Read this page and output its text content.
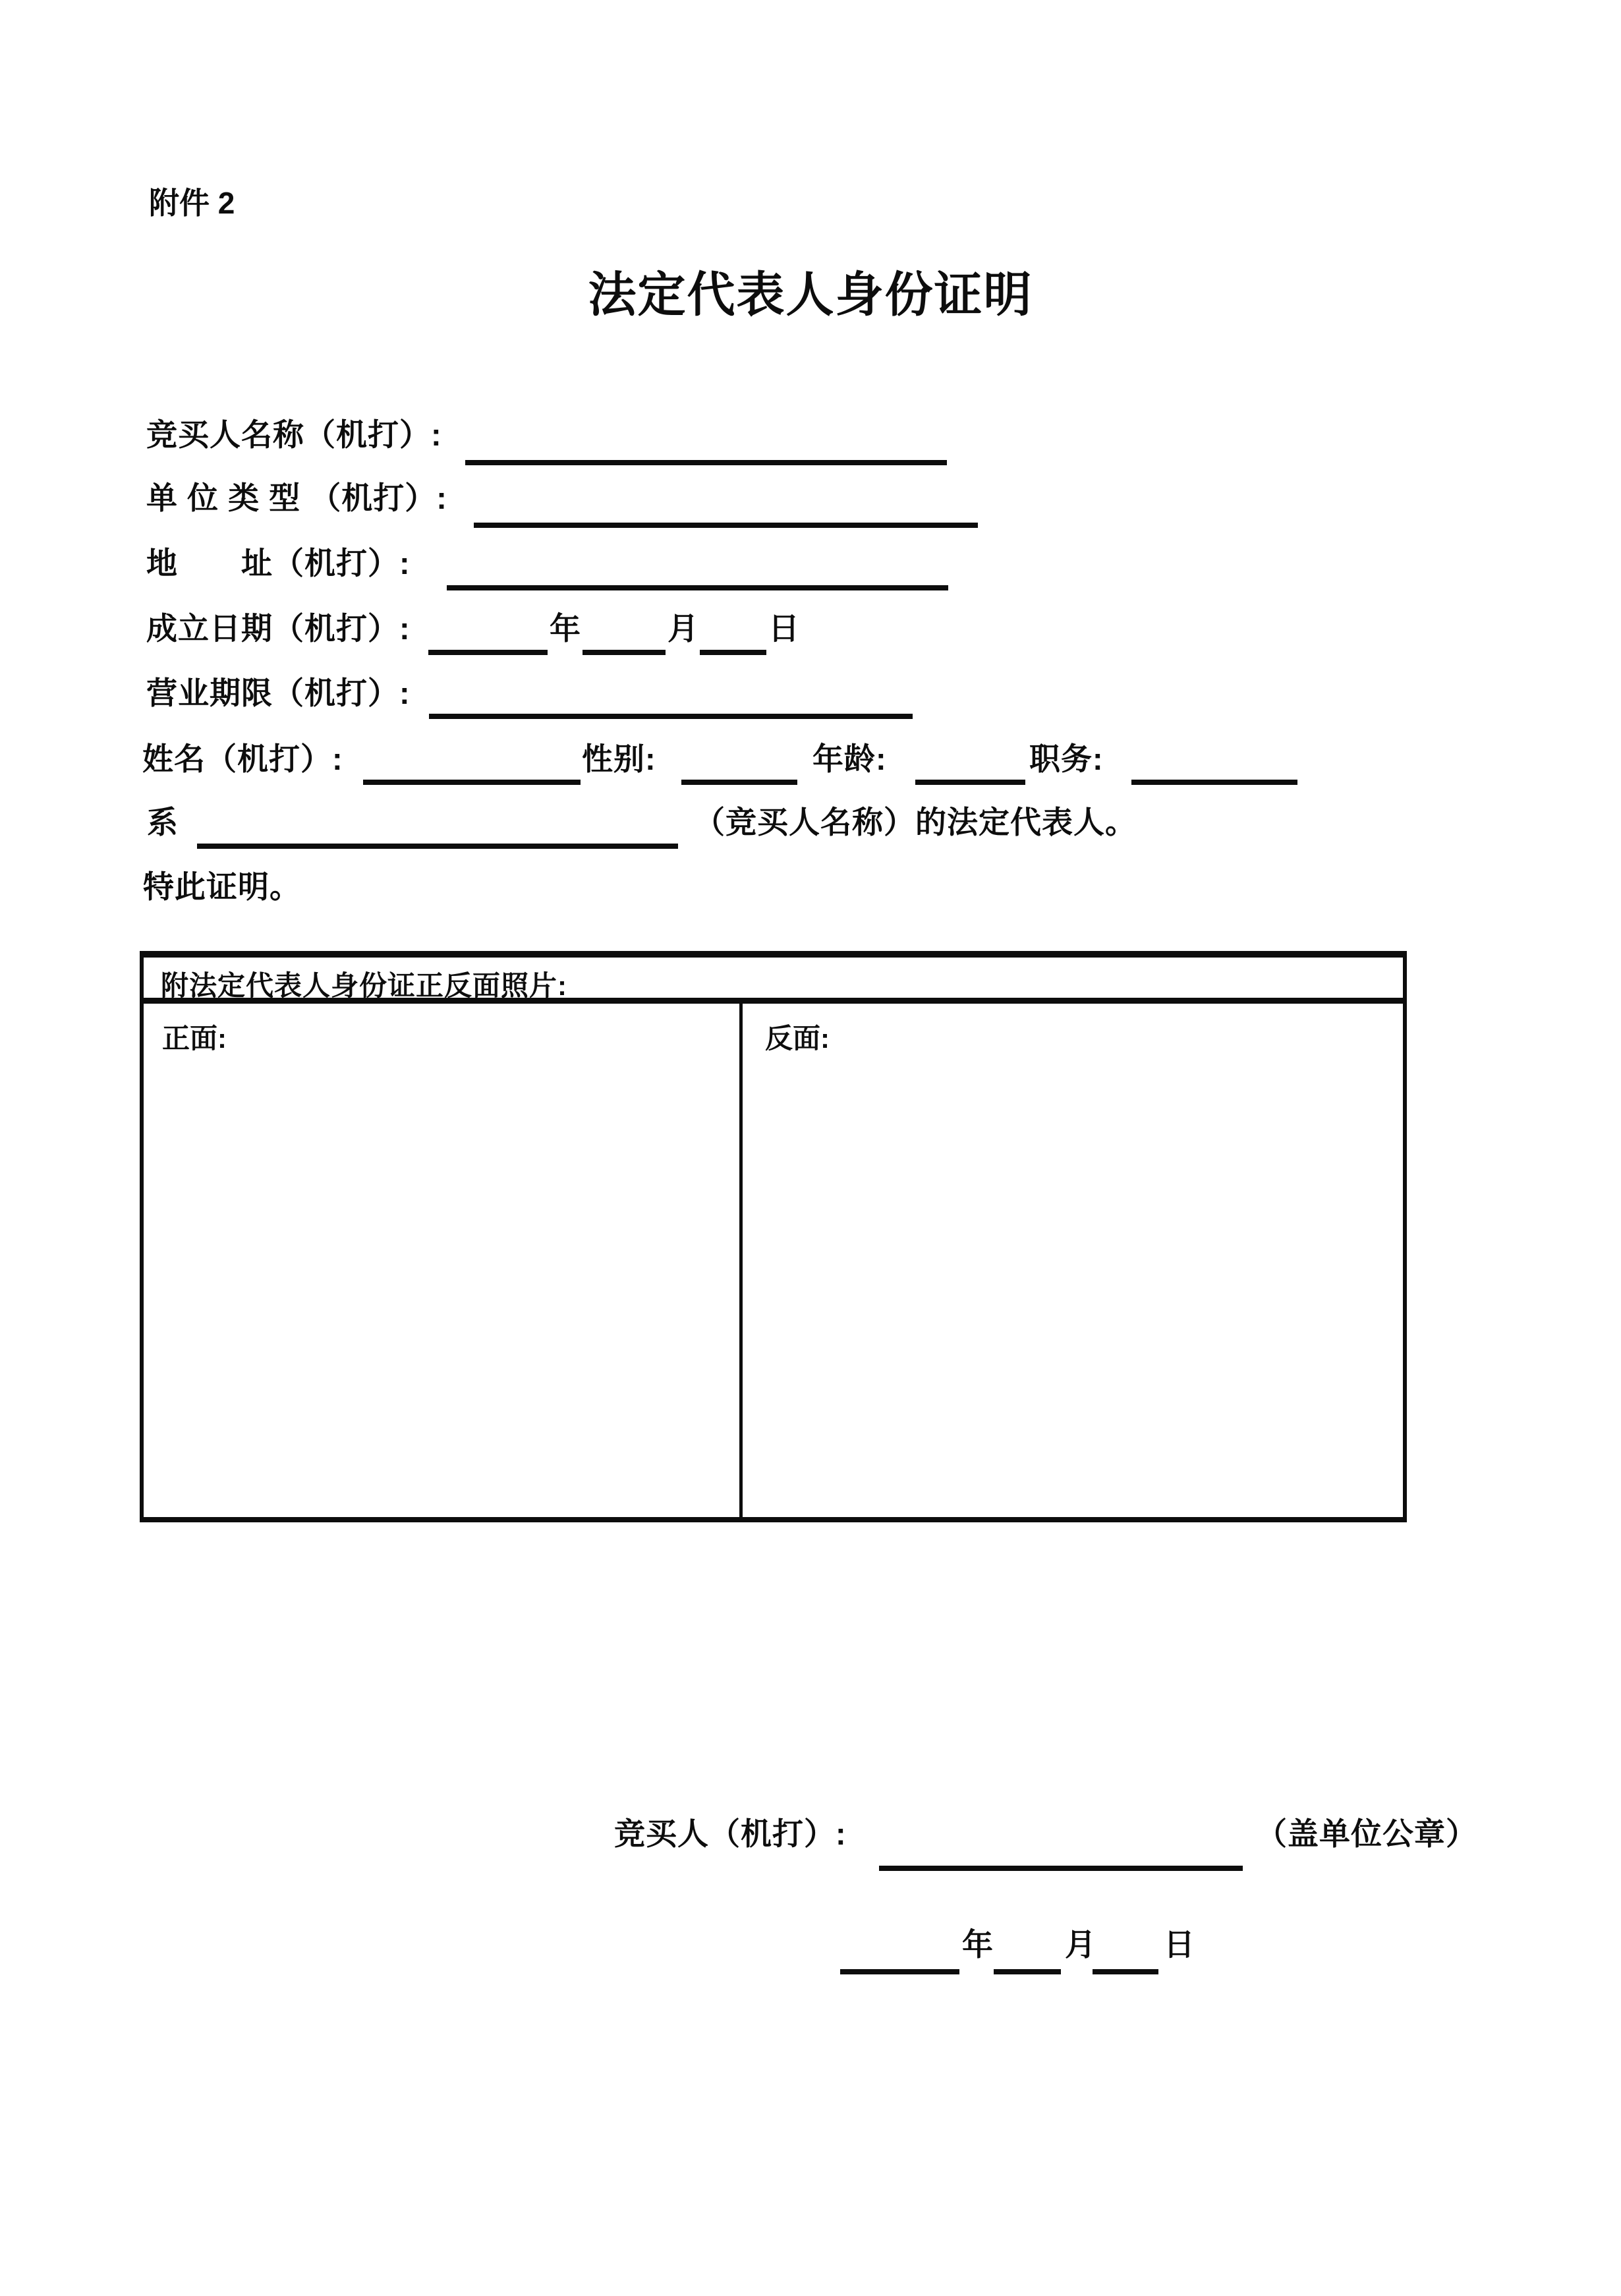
附件 2
法定代表人身份证明
竞买人名称（机打）:
单 位 类 型 （机打）:
地　　址（机打）:
成立日期（机打）:	年	月 日
营业期限（机打）:
姓名（机打）:	性别:	年龄:	职务:
系	（竞买人名称）的法定代表人。
特此证明。
附法定代表人身份证正反面照片:
正面:	反面:
竞买人（机打）:	（盖单位公章）
年 月 日
